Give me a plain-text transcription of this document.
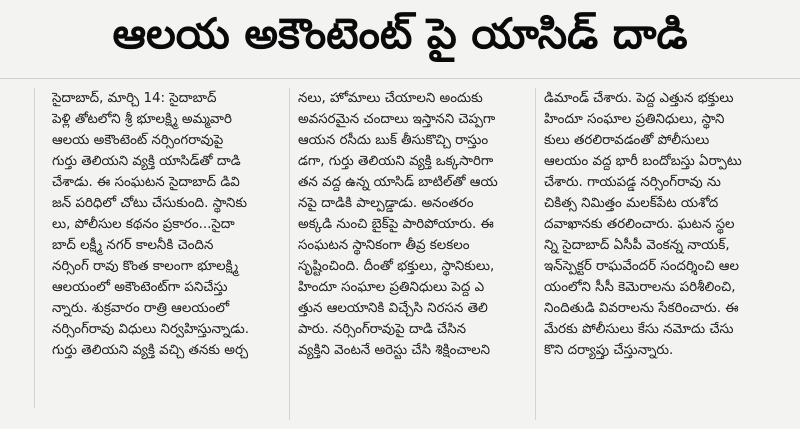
ఆలయ అకౌంటెంట్ పై యాసిడ్ దాడి
సైదాబాద్, మార్చి 14: సైదాబాద్
పెళ్లి తోటలోని శ్రీ భూలక్ష్మి అమ్మవారి
ఆలయ అకౌంటెంట్ నర్సింగరావుపై
గుర్తు తెలియని వ్యక్తి యాసిడ్‌తో దాడి
చేశాడు. ఈ సంఘటన సైదాబాద్ డివి
జన్ పరిధిలో చోటు చేసుకుంది. స్థానికు
లు, పోలీసుల కథనం ప్రకారం...సైదా
బాద్ లక్ష్మీ నగర్ కాలనీకి చెందిన
నర్సింగ్ రావు కొంత కాలంగా భూలక్ష్మి
ఆలయంలో అకౌంటెంట్‌గా పనిచేస్తు
న్నారు. శుక్రవారం రాత్రి ఆలయంలో
నర్సింగ్‌రావు విధులు నిర్వహిస్తున్నాడు.
గుర్తు తెలియని వ్యక్తి వచ్చి తనకు అర్చ
నలు, హోమాలు చేయాలని అందుకు
అవసరమైన చందాలు ఇస్తానని చెప్పగా
ఆయన రసీదు బుక్ తీసుకొచ్చి రాస్తుం
డగా, గుర్తు తెలియని వ్యక్తి ఒక్కసారిగా
తన వద్ద ఉన్న యాసిడ్ బాటిల్‌తో ఆయ
నపై దాడికి పాల్పడ్డాడు. అనంతరం
అక్కడి నుంచి బైక్‌పై పారిపోయారు. ఈ
సంఘటన స్థానికంగా తీవ్ర కలకలం
సృష్టించింది. దీంతో భక్తులు, స్థానికులు,
హిందూ సంఘాల ప్రతినిధులు పెద్ద ఎ
త్తున ఆలయానికి విచ్చేసి నిరసన తెలి
పారు. నర్సింగ్‌రావుపై దాడి చేసిన
వ్యక్తిని వెంటనే అరెస్టు చేసి శిక్షించాలని
డిమాండ్ చేశారు. పెద్ద ఎత్తున భక్తులు
హిందూ సంఘాల ప్రతినిధులు, స్థాని
కులు తరలిరావడంతో పోలీసులు
ఆలయం వద్ద భారీ బందోబస్తు ఏర్పాటు
చేశారు. గాయపడ్డ నర్సింగ్‌రావు ను
చికిత్స నిమిత్తం మలక్‌పేట యశోద
దవాఖానకు తరలించారు. ఘటన స్థల
న్ని సైదాబాద్ ఏసీపీ వెంకన్న నాయక్,
ఇన్‌స్పెక్టర్ రాఘవేందర్ సందర్శించి ఆల
యంలోని సీసీ కెమెరాలను పరిశీలించి,
నిందితుడి వివరాలను సేకరించారు. ఈ
మేరకు పోలీసులు కేసు నమోదు చేసు
కొని దర్యాప్తు చేస్తున్నారు.
